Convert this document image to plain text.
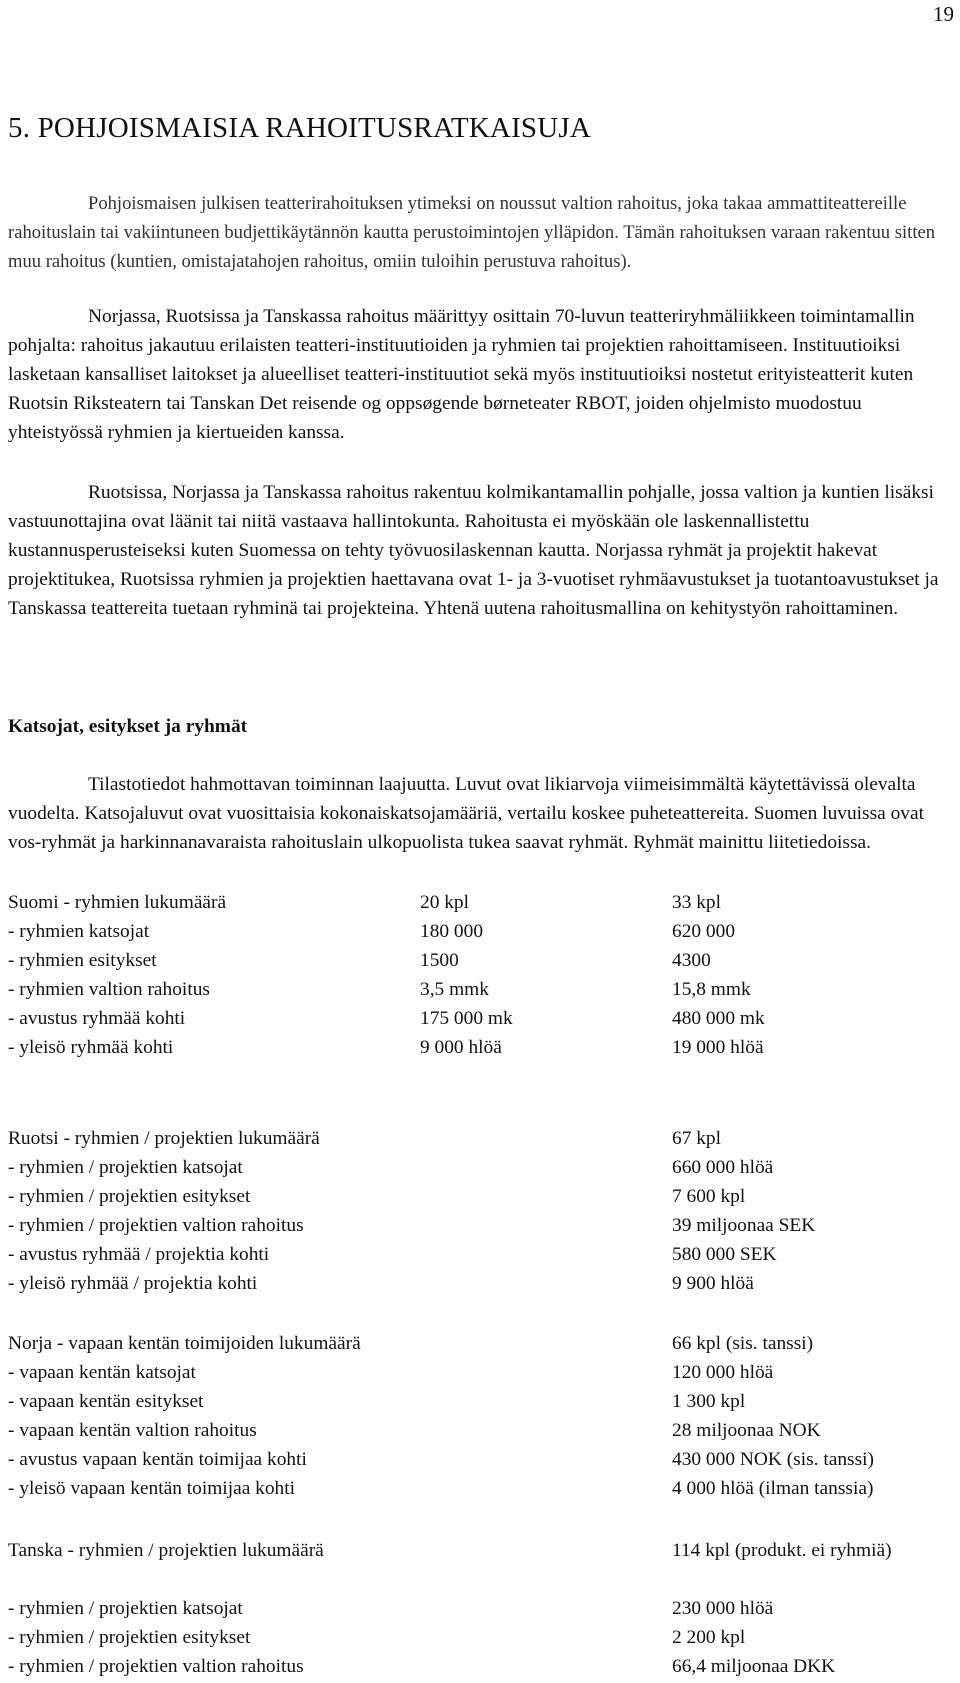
19
5. POHJOISMAISIA RAHOITUSRATKAISUJA

Pohjoismaisen julkisen teatterirahoituksen ytimeksi on noussut valtion rahoitus, joka takaa ammattiteattereille rahoituslain tai vakiintuneen budjettikäytännön kautta perustoimintojen ylläpidon. Tämän rahoituksen varaan rakentuu sitten muu rahoitus (kuntien, omistajatahojen rahoitus, omiin tuloihin perustuva rahoitus).

Norjassa, Ruotsissa ja Tanskassa rahoitus määrittyy osittain 70-luvun teatteriryhmäliikkeen toimintamallin pohjalta: rahoitus jakautuu erilaisten teatteri-instituutioiden ja ryhmien tai projektien rahoittamiseen. Instituutioiksi lasketaan kansalliset laitokset ja alueelliset teatteri-instituutiot sekä myös instituutioiksi nostetut erityisteatterit kuten Ruotsin Riksteatern tai Tanskan Det reisende og oppsøgende børneteater RBOT, joiden ohjelmisto muodostuu yhteistyössä ryhmien ja kiertueiden kanssa.

Ruotsissa, Norjassa ja Tanskassa rahoitus rakentuu kolmikantamallin pohjalle, jossa valtion ja kuntien lisäksi vastuunottajina ovat läänit tai niitä vastaava hallintokunta. Rahoitusta ei myöskään ole laskennallistettu kustannusperusteiseksi kuten Suomessa on tehty työvuosilaskennan kautta. Norjassa ryhmät ja projektit hakevat projektitukea, Ruotsissa ryhmien ja projektien haettavana ovat 1- ja 3-vuotiset ryhmäavustukset ja tuotantoavustukset ja Tanskassa teattereita tuetaan ryhminä tai projekteina. Yhtenä uutena rahoitusmallina on kehitystyön rahoittaminen.

Katsojat, esitykset ja ryhmät

Tilastotiedot hahmottavan toiminnan laajuutta. Luvut ovat likiarvoja viimeisimmältä käytettävissä olevalta vuodelta. Katsojaluvut ovat vuosittaisia kokonaiskatsojamääriä, vertailu koskee puheteattereita. Suomen luvuissa ovat vos-ryhmät ja harkinnanavaraista rahoituslain ulkopuolista tukea saavat ryhmät. Ryhmät mainittu liitetiedoissa.

Suomi - ryhmien lukumäärä	20 kpl	33 kpl
- ryhmien katsojat	180 000	620 000
- ryhmien esitykset	1500	4300
- ryhmien valtion rahoitus	3,5 mmk	15,8 mmk
- avustus ryhmää kohti	175 000 mk	480 000 mk
- yleisö ryhmää kohti	9 000 hlöä	19 000 hlöä
Ruotsi - ryhmien / projektien lukumäärä	67 kpl
- ryhmien / projektien katsojat	660 000 hlöä
- ryhmien / projektien esitykset	7 600 kpl
- ryhmien / projektien valtion rahoitus	39 miljoonaa SEK
- avustus ryhmää / projektia kohti	580 000 SEK
- yleisö ryhmää / projektia kohti	9 900 hlöä
Norja - vapaan kentän toimijoiden lukumäärä	66 kpl (sis. tanssi)
- vapaan kentän katsojat	120 000 hlöä
- vapaan kentän esitykset	1 300 kpl
- vapaan kentän valtion rahoitus	28 miljoonaa NOK
- avustus vapaan kentän toimijaa kohti	430 000 NOK (sis. tanssi)
- yleisö vapaan kentän toimijaa kohti	4 000 hlöä (ilman tanssia)
Tanska - ryhmien / projektien lukumäärä	114 kpl (produkt. ei ryhmiä)
- ryhmien / projektien katsojat	230 000 hlöä
- ryhmien / projektien esitykset	2 200 kpl
- ryhmien / projektien valtion rahoitus	66,4 miljoonaa DKK
